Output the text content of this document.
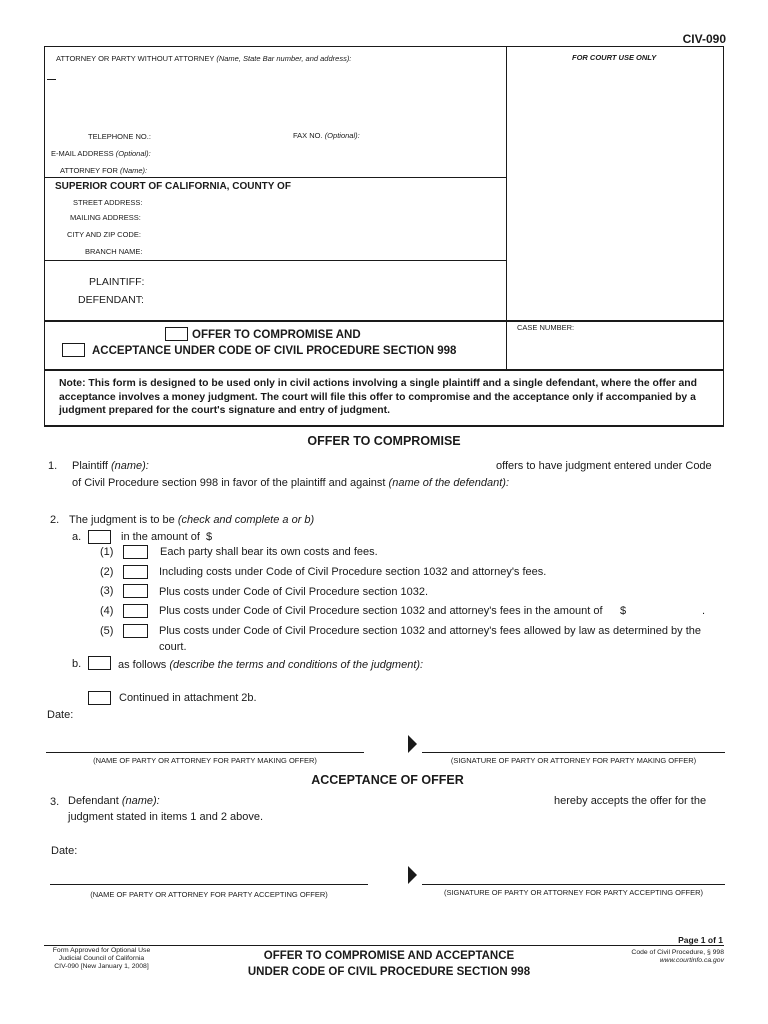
CIV-090
ATTORNEY OR PARTY WITHOUT ATTORNEY (Name, State Bar number, and address):	FOR COURT USE ONLY
TELEPHONE NO.:	FAX NO. (Optional):
E-MAIL ADDRESS (Optional):
ATTORNEY FOR (Name):
SUPERIOR COURT OF CALIFORNIA, COUNTY OF
STREET ADDRESS:
MAILING ADDRESS:
CITY AND ZIP CODE:
BRANCH NAME:
PLAINTIFF:
DEFENDANT:
OFFER TO COMPROMISE AND
ACCEPTANCE UNDER CODE OF CIVIL PROCEDURE SECTION 998
CASE NUMBER:
Note: This form is designed to be used only in civil actions involving a single plaintiff and a single defendant, where the offer and acceptance involves a money judgment. The court will file this offer to compromise and the acceptance only if accompanied by a judgment prepared for the court's signature and entry of judgment.
OFFER TO COMPROMISE
1. Plaintiff (name):	offers to have judgment entered under Code
of Civil Procedure section 998 in favor of the plaintiff and against (name of the defendant):
2. The judgment is to be (check and complete a or b)
a.	in the amount of $
(1)	Each party shall bear its own costs and fees.
(2)	Including costs under Code of Civil Procedure section 1032 and attorney's fees.
(3)	Plus costs under Code of Civil Procedure section 1032.
(4)	Plus costs under Code of Civil Procedure section 1032 and attorney's fees in the amount of $	.
(5)	Plus costs under Code of Civil Procedure section 1032 and attorney's fees allowed by law as determined by the
court.
b.	as follows (describe the terms and conditions of the judgment):
Continued in attachment 2b.
Date:
(NAME OF PARTY OR ATTORNEY FOR PARTY MAKING OFFER)	(SIGNATURE OF PARTY OR ATTORNEY FOR PARTY MAKING OFFER)
ACCEPTANCE OF OFFER
3. Defendant (name):	hereby accepts the offer for the
judgment stated in items 1 and 2 above.
Date:
(NAME OF PARTY OR ATTORNEY FOR PARTY ACCEPTING OFFER)	(SIGNATURE OF PARTY OR ATTORNEY FOR PARTY ACCEPTING OFFER)
Page 1 of 1
Form Approved for Optional Use
Judicial Council of California
CIV-090 [New January 1, 2008]
OFFER TO COMPROMISE AND ACCEPTANCE
UNDER CODE OF CIVIL PROCEDURE SECTION 998
Code of Civil Procedure, § 998
www.courtinfo.ca.gov
